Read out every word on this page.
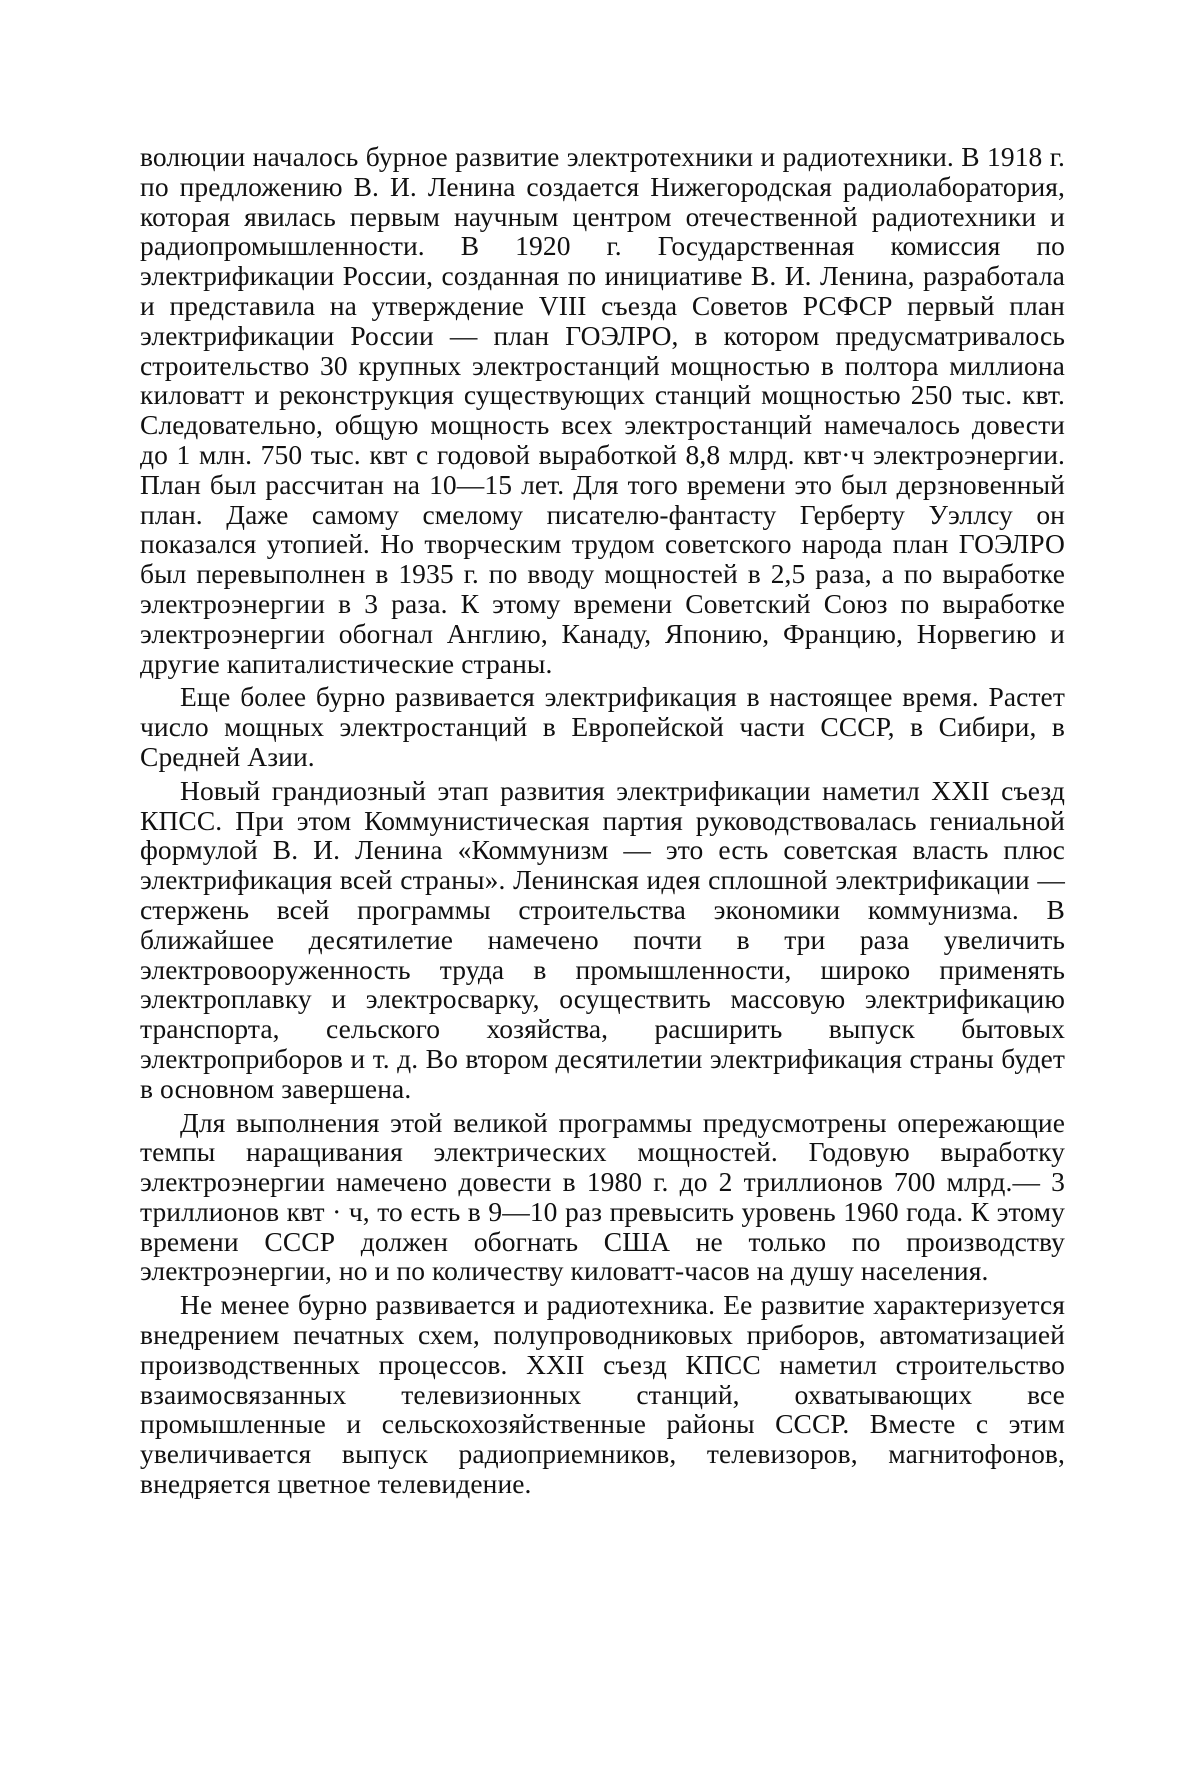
волюции началось бурное развитие электротехники и радиотехники. В 1918 г. по предложению В. И. Ленина создается Нижегородская радиолаборатория, которая явилась первым научным центром отечественной радиотехники и радиопромышленности. В 1920 г. Государственная комиссия по электрификации России, созданная по инициативе В. И. Ленина, разработала и представила на утверждение VIII съезда Советов РСФСР первый план электрификации России — план ГОЭЛРО, в котором предусматривалось строительство 30 крупных электростанций мощностью в полтора миллиона киловатт и реконструкция существующих станций мощностью 250 тыс. квт. Следовательно, общую мощность всех электростанций намечалось довести до 1 млн. 750 тыс. квт с годовой выработкой 8,8 млрд. квт·ч электроэнергии. План был рассчитан на 10—15 лет. Для того времени это был дерзновенный план. Даже самому смелому писателю-фантасту Герберту Уэллсу он показался утопией. Но творческим трудом советского народа план ГОЭЛРО был перевыполнен в 1935 г. по вводу мощностей в 2,5 раза, а по выработке электроэнергии в 3 раза. К этому времени Советский Союз по выработке электроэнергии обогнал Англию, Канаду, Японию, Францию, Норвегию и другие капиталистические страны.

Еще более бурно развивается электрификация в настоящее время. Растет число мощных электростанций в Европейской части СССР, в Сибири, в Средней Азии.

Новый грандиозный этап развития электрификации наметил XXII съезд КПСС. При этом Коммунистическая партия руководствовалась гениальной формулой В. И. Ленина «Коммунизм — это есть советская власть плюс электрификация всей страны». Ленинская идея сплошной электрификации — стержень всей программы строительства экономики коммунизма. В ближайшее десятилетие намечено почти в три раза увеличить электровооруженность труда в промышленности, широко применять электроплавку и электросварку, осуществить массовую электрификацию транспорта, сельского хозяйства, расширить выпуск бытовых электроприборов и т. д. Во втором десятилетии электрификация страны будет в основном завершена.

Для выполнения этой великой программы предусмотрены опережающие темпы наращивания электрических мощностей. Годовую выработку электроэнергии намечено довести в 1980 г. до 2 триллионов 700 млрд.— 3 триллионов квт · ч, то есть в 9—10 раз превысить уровень 1960 года. К этому времени СССР должен обогнать США не только по производству электроэнергии, но и по количеству киловатт-часов на душу населения.

Не менее бурно развивается и радиотехника. Ее развитие характеризуется внедрением печатных схем, полупроводниковых приборов, автоматизацией производственных процессов. XXII съезд КПСС наметил строительство взаимосвязанных телевизионных станций, охватывающих все промышленные и сельскохозяйственные районы СССР. Вместе с этим увеличивается выпуск радиоприемников, телевизоров, магнитофонов, внедряется цветное телевидение.
